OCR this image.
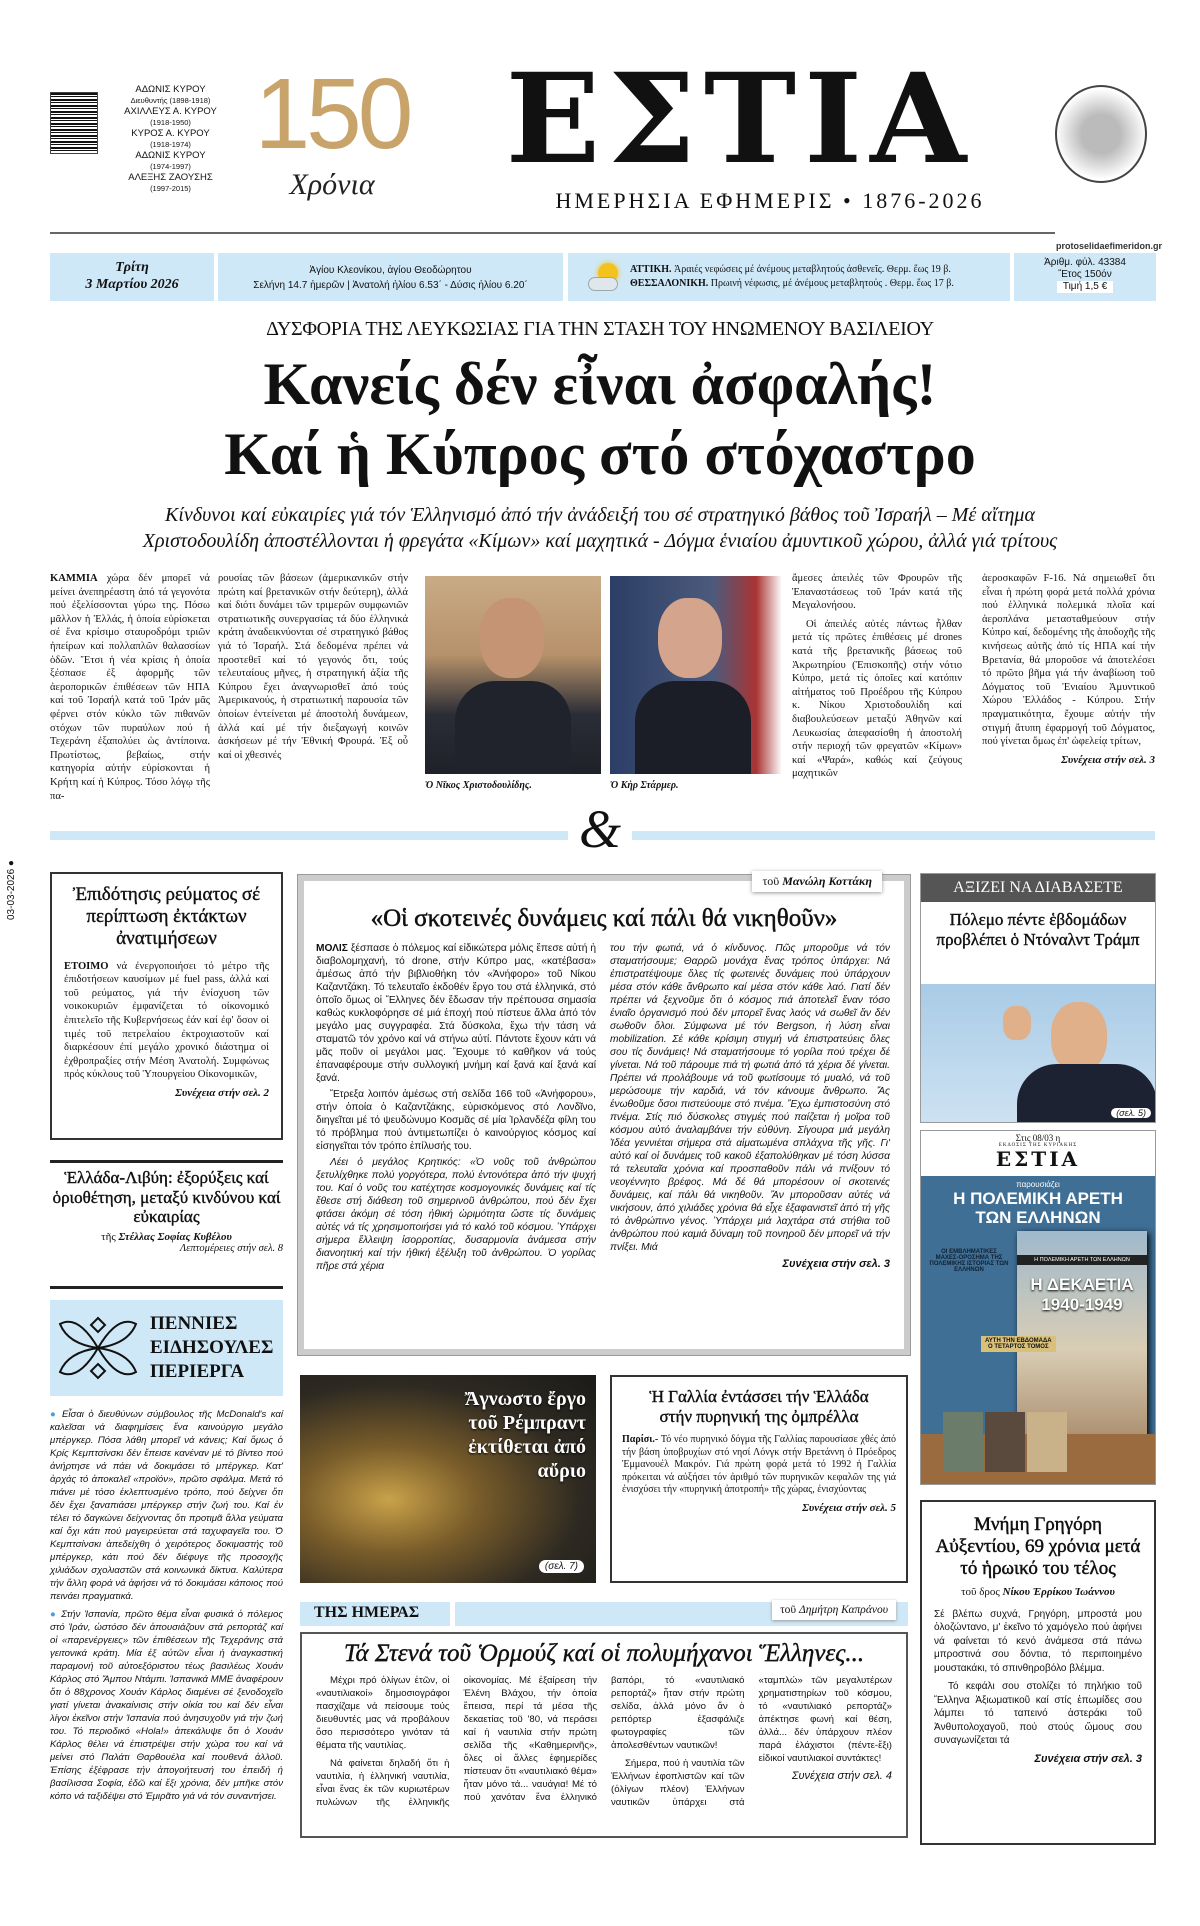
ΑΔΩΝΙΣ ΚΥΡΟΥ
Διευθυντής (1898-1918)
ΑΧΙΛΛΕΥΣ Α. ΚΥΡΟΥ
(1918-1950)
ΚΥΡΟΣ Α. ΚΥΡΟΥ
(1918-1974)
ΑΔΩΝΙΣ ΚΥΡΟΥ
(1974-1997)
ΑΛΕΞΗΣ ΖΑΟΥΣΗΣ
(1997-2015)
150
Χρόνια	ΕΣΤΙΑ
ΗΜΕΡΗΣΙΑ ΕΦΗΜΕΡΙΣ • 1876-2026
protoselidaefimeridon.gr
Τρίτη
3 Μαρτίου 2026
Ἁγίου Κλεονίκου, ἁγίου Θεοδώρητου
Σελήνη 14.7 ἡμερῶν | Ἀνατολή ἡλίου 6.53΄ - Δύσις ἡλίου 6.20΄
ΑΤΤΙΚΗ. Ἀραιές νεφώσεις μέ ἀνέμους μεταβλητούς ἀσθενεῖς. Θερμ. ἕως 19 β.
ΘΕΣΣΑΛΟΝΙΚΗ. Πρωινή νέφωσις, μέ ἀνέμους μεταβλητούς . Θερμ. ἕως 17 β.
Ἀριθμ. φύλ. 43384
Ἔτος 150όν
Τιμή 1,5 €
ΔΥΣΦΟΡΙΑ ΤΗΣ ΛΕΥΚΩΣΙΑΣ ΓΙΑ ΤΗΝ ΣΤΑΣΗ ΤΟΥ ΗΝΩΜΕΝΟΥ ΒΑΣΙΛΕΙΟΥ
Κανείς δέν εἶναι ἀσφαλής!
Καί ἡ Κύπρος στό στόχαστρο
Κίνδυνοι καί εὐκαιρίες γιά τόν Ἑλληνισμό ἀπό τήν ἀνάδειξή του σέ στρατηγικό βάθος τοῦ Ἰσραήλ – Μέ αἴτημα
Χριστοδουλίδη ἀποστέλλονται ἡ φρεγάτα «Κίμων» καί μαχητικά - Δόγμα ἑνιαίου ἀμυντικοῦ χώρου, ἀλλά γιά τρίτους

ΚΑΜΜΙΑ χώρα δέν μπορεῖ νά μείνει ἀνεπηρέαστη ἀπό τά γεγονότα πού ἐξελίσσονται γύρω της. Πόσω μᾶλλον ἡ Ἑλλάς, ἡ ὁποία εὑρίσκεται σέ ἕνα κρίσιμο σταυροδρόμι τριῶν ἠπείρων καί πολλαπλῶν θαλασσίων ὁδῶν. Ἔτσι ἡ νέα κρίσις ἡ ὁποία ξέσπασε ἐξ ἀφορμῆς τῶν ἀεροπορικῶν ἐπιθέσεων τῶν ΗΠΑ καί τοῦ Ἰσραήλ κατά τοῦ Ἰράν μᾶς φέρνει στόν κύκλο τῶν πιθανῶν στόχων τῶν πυραύλων πού ἡ Τεχεράνη ἐξαπολύει ὡς ἀντίποινα. Πρωτίστως, βεβαίως, στήν κατηγορία αὐτήν εὑρίσκονται ἡ Κρήτη καί ἡ Κύπρος. Τόσο λόγῳ τῆς πα-

ρουσίας τῶν βάσεων (ἀμερικανικῶν στήν πρώτη καί βρετανικῶν στήν δεύτερη), ἀλλά καί διότι δυνάμει τῶν τριμερῶν συμφωνιῶν στρατιωτικῆς συνεργασίας τά δύο ἑλληνικά κράτη ἀναδεικνύονται σέ στρατηγικό βάθος γιά τό Ἰσραήλ. Στά δεδομένα πρέπει νά προστεθεῖ καί τό γεγονός ὅτι, τούς τελευταίους μῆνες, ἡ στρατηγική ἀξία τῆς Κύπρου ἔχει ἀναγνωρισθεῖ ἀπό τούς Ἀμερικανούς, ἡ στρατιωτική παρουσία τῶν ὁποίων ἐντείνεται μέ ἀποστολή δυνάμεων, ἀλλά καί μέ τήν διεξαγωγή κοινῶν ἀσκήσεων μέ τήν Ἐθνική Φρουρά. Ἐξ οὗ καί οἱ χθεσινές

Ὁ Νῖκος Χριστοδουλίδης.	Ὁ Κὴρ Στάρμερ.

ἄμεσες ἀπειλές τῶν Φρουρῶν τῆς Ἐπαναστάσεως τοῦ Ἰράν κατά τῆς Μεγαλονήσου.

Οἱ ἀπειλές αὐτές πάντως ἦλθαν μετά τίς πρῶτες ἐπιθέσεις μέ drones κατά τῆς βρετανικῆς βάσεως τοῦ Ἀκρωτηρίου (Ἐπισκοπῆς) στήν νότιο Κύπρο, μετά τίς ὁποῖες καί κατόπιν αἰτήματος τοῦ Προέδρου τῆς Κύπρου κ. Νίκου Χριστοδουλίδη καί διαβουλεύσεων μεταξύ Ἀθηνῶν καί Λευκωσίας ἀπεφασίσθη ἡ ἀποστολή στήν περιοχή τῶν φρεγατῶν «Κίμων» καί «Ψαρά», καθώς καί ζεύγους μαχητικῶν

ἀεροσκαφῶν F-16. Νά σημειωθεῖ ὅτι εἶναι ἡ πρώτη φορά μετά πολλά χρόνια πού ἑλληνικά πολεμικά πλοῖα καί ἀεροπλάνα μετασταθμεύουν στήν Κύπρο καί, δεδομένης τῆς ἀποδοχῆς τῆς κινήσεως αὐτῆς ἀπό τίς ΗΠΑ καί τήν Βρετανία, θά μποροῦσε νά ἀποτελέσει τό πρῶτο βῆμα γιά τήν ἀναβίωση τοῦ Δόγματος τοῦ Ἑνιαίου Ἀμυντικοῦ Χώρου Ἑλλάδος - Κύπρου. Στήν πραγματικότητα, ἔχουμε αὐτήν τήν στιγμή ἄτυπη ἐφαρμογή τοῦ Δόγματος, πού γίνεται ὅμως ἐπ' ὠφελείᾳ τρίτων,

Συνέχεια στήν σελ. 3
&
03-03-2026 ●
Ἐπιδότησις ρεύματος σέ περίπτωση ἐκτάκτων ἀνατιμήσεων

ΕΤΟΙΜΟ νά ἐνεργοποιήσει τό μέτρο τῆς ἐπιδοτήσεων καυσίμων μέ fuel pass, ἀλλά καί τοῦ ρεύματος, γιά τήν ἐνίσχυση τῶν νοικοκυριῶν ἐμφανίζεται τό οἰκονομικό ἐπιτελεῖο τῆς Κυβερνήσεως ἐάν καί ἐφ' ὅσον οἱ τιμές τοῦ πετρελαίου ἐκτροχιαστοῦν καί διαρκέσουν ἐπί μεγάλο χρονικό διάστημα οἱ ἐχθροπραξίες στήν Μέση Ἀνατολή. Συμφώνως πρός κύκλους τοῦ Ὑπουργείου Οἰκονομικῶν,

Συνέχεια στήν σελ. 2
Ἑλλάδα-Λιβύη: ἐξορύξεις καί ὁριοθέτηση, μεταξύ κινδύνου καί εὐκαιρίας
τῆς Στέλλας Σοφίας Κυβέλου
Λεπτομέρειες στήν σελ. 8
ΠΕΝΝΙΕΣ
ΕΙΔΗΣΟΥΛΕΣ
ΠΕΡΙΕΡΓΑ

● Εἶσαι ὁ διευθύνων σύμβουλος τῆς McDonald's καί καλεῖσαι νά διαφημίσεις ἕνα καινούργιο μεγάλο μπέργκερ. Πόσα λάθη μπορεῖ νά κάνεις; Καί ὅμως ὁ Κρίς Κεμπτσίνσκι δέν ἔπεισε κανέναν μέ τό βίντεο πού ἀνήρτησε νά πάει νά δοκιμάσει τό μπέργκερ. Κατ' ἀρχάς τό ἀποκαλεῖ «προϊόν», πρῶτο σφάλμα. Μετά τό πιάνει μέ τόσο ἐκλεπτυσμένο τρόπο, πού δείχνει ὅτι δέν ἔχει ξαναπιάσει μπέργκερ στήν ζωή του. Καί ἐν τέλει τό δαγκώνει δείχνοντας ὅτι προτιμᾶ ἄλλα γεύματα καί ὄχι κάτι πού μαγειρεύεται στά ταχυφαγεῖα του. Ὁ Κεμπτσίνσκι ἀπεδείχθη ὁ χειρότερος δοκιμαστής τοῦ μπέργκερ, κάτι πού δέν διέφυγε τῆς προσοχῆς χιλιάδων σχολιαστῶν στά κοινωνικά δίκτυα. Καλύτερα τήν ἄλλη φορά νά ἀφήσει νά τό δοκιμάσει κάποιος πού πεινάει πραγματικά.

● Στήν Ἱσπανία, πρῶτο θέμα εἶναι φυσικά ὁ πόλεμος στό Ἰράν, ὡστόσο δέν ἀπουσιάζουν στά ρεπορτάζ καί οἱ «παρενέργειες» τῶν ἐπιθέσεων τῆς Τεχεράνης στά γειτονικά κράτη. Μία ἐξ αὐτῶν εἶναι ἡ ἀναγκαστική παραμονή τοῦ αὐτοεξόριστου τέως βασιλέως Χουάν Κάρλος στό Ἄμπου Ντάμπι. Ἱσπανικά ΜΜΕ ἀναφέρουν ὅτι ὁ 88χρονος Χουάν Κάρλος διαμένει σέ ξενοδοχεῖο γιατί γίνεται ἀνακαίνισις στήν οἰκία του καί δέν εἶναι λίγοι ἐκεῖνοι στήν Ἱσπανία πού ἀνησυχοῦν γιά τήν ζωή του. Τό περιοδικό «Hola!» ἀπεκάλυψε ὅτι ὁ Χουάν Κάρλος θέλει νά ἐπιστρέψει στήν χώρα του καί νά μείνει στό Παλάτι Θαρθουέλα καί πουθενά ἀλλοῦ. Ἐπίσης ἐξέφρασε τήν ἀπογοήτευσή του ἐπειδή ἡ βασίλισσα Σοφία, ἐδῶ καί ἕξι χρόνια, δέν μπῆκε στόν κόπο νά ταξιδέψει στό Ἐμιρᾶτο γιά νά τόν συναντήσει.

τοῦ Μανώλη Κοττάκη
«Οἱ σκοτεινές δυνάμεις καί πάλι θά νικηθοῦν»

ΜΟΛΙΣ ξέσπασε ὁ πόλεμος καί εἰδικώτερα μόλις ἔπεσε αὐτή ἡ διαβολομηχανή, τό drone, στήν Κύπρο μας, «κατέβασα» ἀμέσως ἀπό τήν βιβλιοθήκη τόν «Ἀνήφορο» τοῦ Νίκου Καζαντζάκη. Τό τελευταῖο ἐκδοθέν ἔργο του στά ἑλληνικά, στό ὁποῖο ὅμως οἱ Ἕλληνες δέν ἔδωσαν τήν πρέπουσα σημασία καθώς κυκλοφόρησε σέ μιά ἐποχή πού πίστευε ἄλλα ἀπό τόν μεγάλο μας συγγραφέα. Στά δύσκολα, ἔχω τήν τάση νά σταματῶ τόν χρόνο καί νά στήνω αὐτί. Πάντοτε ἔχουν κάτι νά μᾶς ποῦν οἱ μεγάλοι μας. Ἔχουμε τό καθῆκον νά τούς ἐπαναφέρουμε στήν συλλογική μνήμη καί ξανά καί ξανά καί ξανά.

Ἔτρεξα λοιπόν ἀμέσως στή σελίδα 166 τοῦ «Ἀνήφορου», στήν ὁποία ὁ Καζαντζάκης, εὑρισκόμενος στό Λονδῖνο, διηγεῖται μέ τό ψευδώνυμο Κοσμᾶς σέ μία Ἰρλανδέζα φίλη του τό πρόβλημα πού ἀντιμετωπίζει ὁ καινούργιος κόσμος καί εἰσηγεῖται τόν τρόπο ἐπίλυσής του.

Λέει ὁ μεγάλος Κρητικός: «Ὁ νοῦς τοῦ ἀνθρώπου ξετυλίχθηκε πολύ γοργότερα, πολύ ἐντονότερα ἀπό τήν ψυχή του. Καί ὁ νοῦς του κατέχτησε κοσμογονικές δυνάμεις καί τίς ἔθεσε στή διάθεση τοῦ σημερινοῦ ἀνθρώπου, πού δέν ἔχει φτάσει ἀκόμη σέ τόση ἠθική ὡριμότητα ὥστε τίς δυνάμεις αὐτές νά τίς χρησιμοποιήσει γιά τό καλό τοῦ κόσμου. Ὑπάρχει σήμερα ἔλλειψη ἰσορροπίας, δυσαρμονία ἀνάμεσα στήν διανοητική καί τήν ἠθική ἐξέλιξη τοῦ ἀνθρώπου. Ὁ γορίλας πῆρε στά χέρια

του τήν φωτιά, νά ὁ κίνδυνος. Πῶς μποροῦμε νά τόν σταματήσουμε; Θαρρῶ μονάχα ἕνας τρόπος ὑπάρχει: Νά ἐπιστρατέψουμε ὅλες τίς φωτεινές δυνάμεις πού ὑπάρχουν μέσα στόν κάθε ἄνθρωπο καί μέσα στόν κάθε λαό. Γιατί δέν πρέπει νά ξεχνοῦμε ὅτι ὁ κόσμος πιά ἀποτελεῖ ἕναν τόσο ἑνιαῖο ὀργανισμό πού δέν μπορεῖ ἕνας λαός νά σωθεῖ ἄν δέν σωθοῦν ὅλοι. Σύμφωνα μέ τόν Bergson, ἡ λύση εἶναι mobilization. Σέ κάθε κρίσιμη στιγμή νά ἐπιστρατεύεις ὅλες σου τίς δυνάμεις! Νά σταματήσουμε τό γορίλα πού τρέχει δέ γίνεται. Νά τοῦ πάρουμε πιά τή φωτιά ἀπό τά χέρια δέ γίνεται. Πρέπει νά προλάβουμε νά τοῦ φωτίσουμε τό μυαλό, νά τοῦ μερώσουμε τήν καρδιά, νά τόν κάνουμε ἄνθρωπο. Ἄς ἑνωθοῦμε ὅσοι πιστεύουμε στό πνέμα. Ἔχω ἐμπιστοσύνη στό πνέμα. Στίς πιό δύσκολες στιγμές πού παίζεται ἡ μοῖρα τοῦ κόσμου αὐτό ἀναλαμβάνει τήν εὐθύνη. Σίγουρα μιά μεγάλη Ἰδέα γεννιέται σήμερα στά αἱματωμένα σπλάχνα τῆς γῆς. Γι' αὐτό καί οἱ δυνάμεις τοῦ κακοῦ ἐξαπολύθηκαν μέ τόση λύσσα τά τελευταῖα χρόνια καί προσπαθοῦν πάλι νά πνίξουν τό νεογέννητο βρέφος. Μά δέ θά μπορέσουν οἱ σκοτεινές δυνάμεις, καί πάλι θά νικηθοῦν. Ἄν μποροῦσαν αὐτές νά νικήσουν, ἀπό χιλιάδες χρόνια θά εἶχε ἐξαφανιστεῖ ἀπό τή γῆς τό ἀνθρώπινο γένος. Ὑπάρχει μιά λαχτάρα στά στήθια τοῦ ἀνθρώπου πού καμιά δύναμη τοῦ πονηροῦ δέν μπορεῖ νά τήν πνίξει. Μιά

Συνέχεια στήν σελ. 3
Ἄγνωστο ἔργο τοῦ Ρέμπραντ ἐκτίθεται ἀπό αὔριο
(σελ. 7)
Ἡ Γαλλία ἐντάσσει τήν Ἑλλάδα στήν πυρηνική της ὀμπρέλλα

Παρίσι.- Τό νέο πυρηνικό δόγμα τῆς Γαλλίας παρουσίασε χθές ἀπό τήν βάση ὑποβρυχίων στό νησί Λόνγκ στήν Βρετάννη ὁ Πρόεδρος Ἐμμανουέλ Μακρόν. Γιά πρώτη φορά μετά τό 1992 ἡ Γαλλία πρόκειται νά αὐξήσει τόν ἀριθμό τῶν πυρηνικῶν κεφαλῶν της γιά ἐνισχύσει τήν «πυρηνική ἀποτροπή» τῆς χώρας, ἐνισχύοντας

Συνέχεια στήν σελ. 5
ΤΗΣ ΗΜΕΡΑΣ	τοῦ Δημήτρη Καπράνου
Τά Στενά τοῦ Ὁρμούζ καί οἱ πολυμήχανοι Ἕλληνες...

Μέχρι πρό ὀλίγων ἐτῶν, οἱ «ναυτιλιακοί» δημοσιογράφοι πασχίζαμε νά πείσουμε τούς διευθυντές μας νά προβάλουν ὅσο περισσότερο γινόταν τά θέματα τῆς ναυτιλίας.

Νά φαίνεται δηλαδή ὅτι ἡ ναυτιλία, ἡ ἑλληνική ναυτιλία, εἶναι ἕνας ἐκ τῶν κυριωτέρων πυλώνων τῆς ἑλληνικῆς οἰκονομίας. Μέ ἐξαίρεση τήν Ἑλένη Βλάχου, τήν ὁποία ἔπεισα, περί τά μέσα τῆς δεκαετίας τοῦ '80, νά περάσει καί ἡ ναυτιλία στήν πρώτη σελίδα τῆς «Καθημερινῆς», ὅλες οἱ ἄλλες ἐφημερίδες πίστευαν ὅτι «ναυτιλιακό θέμα» ἦταν μόνο τά... ναυάγια! Μέ τό πού χανόταν ἕνα ἑλληνικό βαπόρι, τό «ναυτιλιακό ρεπορτάζ» ἦταν στήν πρώτη σελίδα, ἀλλά μόνο ἄν ὁ ρεπόρτερ ἐξασφάλιζε φωτογραφίες τῶν ἀπολεσθέντων ναυτικῶν!

Σήμερα, πού ἡ ναυτιλία τῶν Ἑλλήνων ἐφοπλιστῶν καί τῶν (ὀλίγων πλέον) Ἑλλήνων ναυτικῶν ὑπάρχει στά «ταμπλώ» τῶν μεγαλυτέρων χρηματιστηρίων τοῦ κόσμου, τό «ναυτιλιακό ρεπορτάζ» ἀπέκτησε φωνή καί θέση, ἀλλά... δέν ὑπάρχουν πλέον παρά ἐλάχιστοι (πέντε-ἕξι) εἰδικοί ναυτιλιακοί συντάκτες!

Συνέχεια στήν σελ. 4
ΑΞΙΖΕΙ ΝΑ ΔΙΑΒΑΣΕΤΕ
Πόλεμο πέντε ἑβδομάδων προβλέπει ὁ Ντόναλντ Τράμπ
(σελ. 5)
Στις 08/03 η
ΕΚΔΟΣΙΣ ΤΗΣ ΚΥΡΙΑΚΗΣ
ΕΣΤΙΑ
παρουσιάζει
Η ΠΟΛΕΜΙΚΗ ΑΡΕΤΗ
ΤΩΝ ΕΛΛΗΝΩΝ
ΟΙ ΕΜΒΛΗΜΑΤΙΚΕΣ ΜΑΧΕΣ-ΟΡΟΣΗΜΑ ΤΗΣ ΠΟΛΕΜΙΚΗΣ ΙΣΤΟΡΙΑΣ ΤΩΝ ΕΛΛΗΝΩΝ
Η ΠΟΛΕΜΙΚΗ ΑΡΕΤΗ ΤΩΝ ΕΛΛΗΝΩΝ
Η ΔΕΚΑΕΤΙΑ
1940-1949
ΑΥΤΗ ΤΗΝ ΕΒΔΟΜΑΔΑ
Ο ΤΕΤΑΡΤΟΣ ΤΟΜΟΣ
Μνήμη Γρηγόρη Αὐξεντίου, 69 χρόνια μετά τό ἡρωικό του τέλος
τοῦ δρος Νίκου Ἐρρίκου Ἰωάννου

Σέ βλέπω συχνά, Γρηγόρη, μπροστά μου ὁλοζώντανο, μ' ἐκεῖνο τό χαμόγελο πού ἀφήνει νά φαίνεται τό κενό ἀνάμεσα στά πάνω μπροστινά σου δόντια, τό περιποιημένο μουστακάκι, τό σπινθηροβόλο βλέμμα.

Τό κεφάλι σου στολίζει τό πηλήκιο τοῦ Ἕλληνα Ἀξιωματικοῦ καί στίς ἐπωμίδες σου λάμπει τό ταπεινό ἀστεράκι τοῦ Ἀνθυπολοχαγοῦ, πού στούς ὤμους σου συναγωνίζεται τά

Συνέχεια στήν σελ. 3
